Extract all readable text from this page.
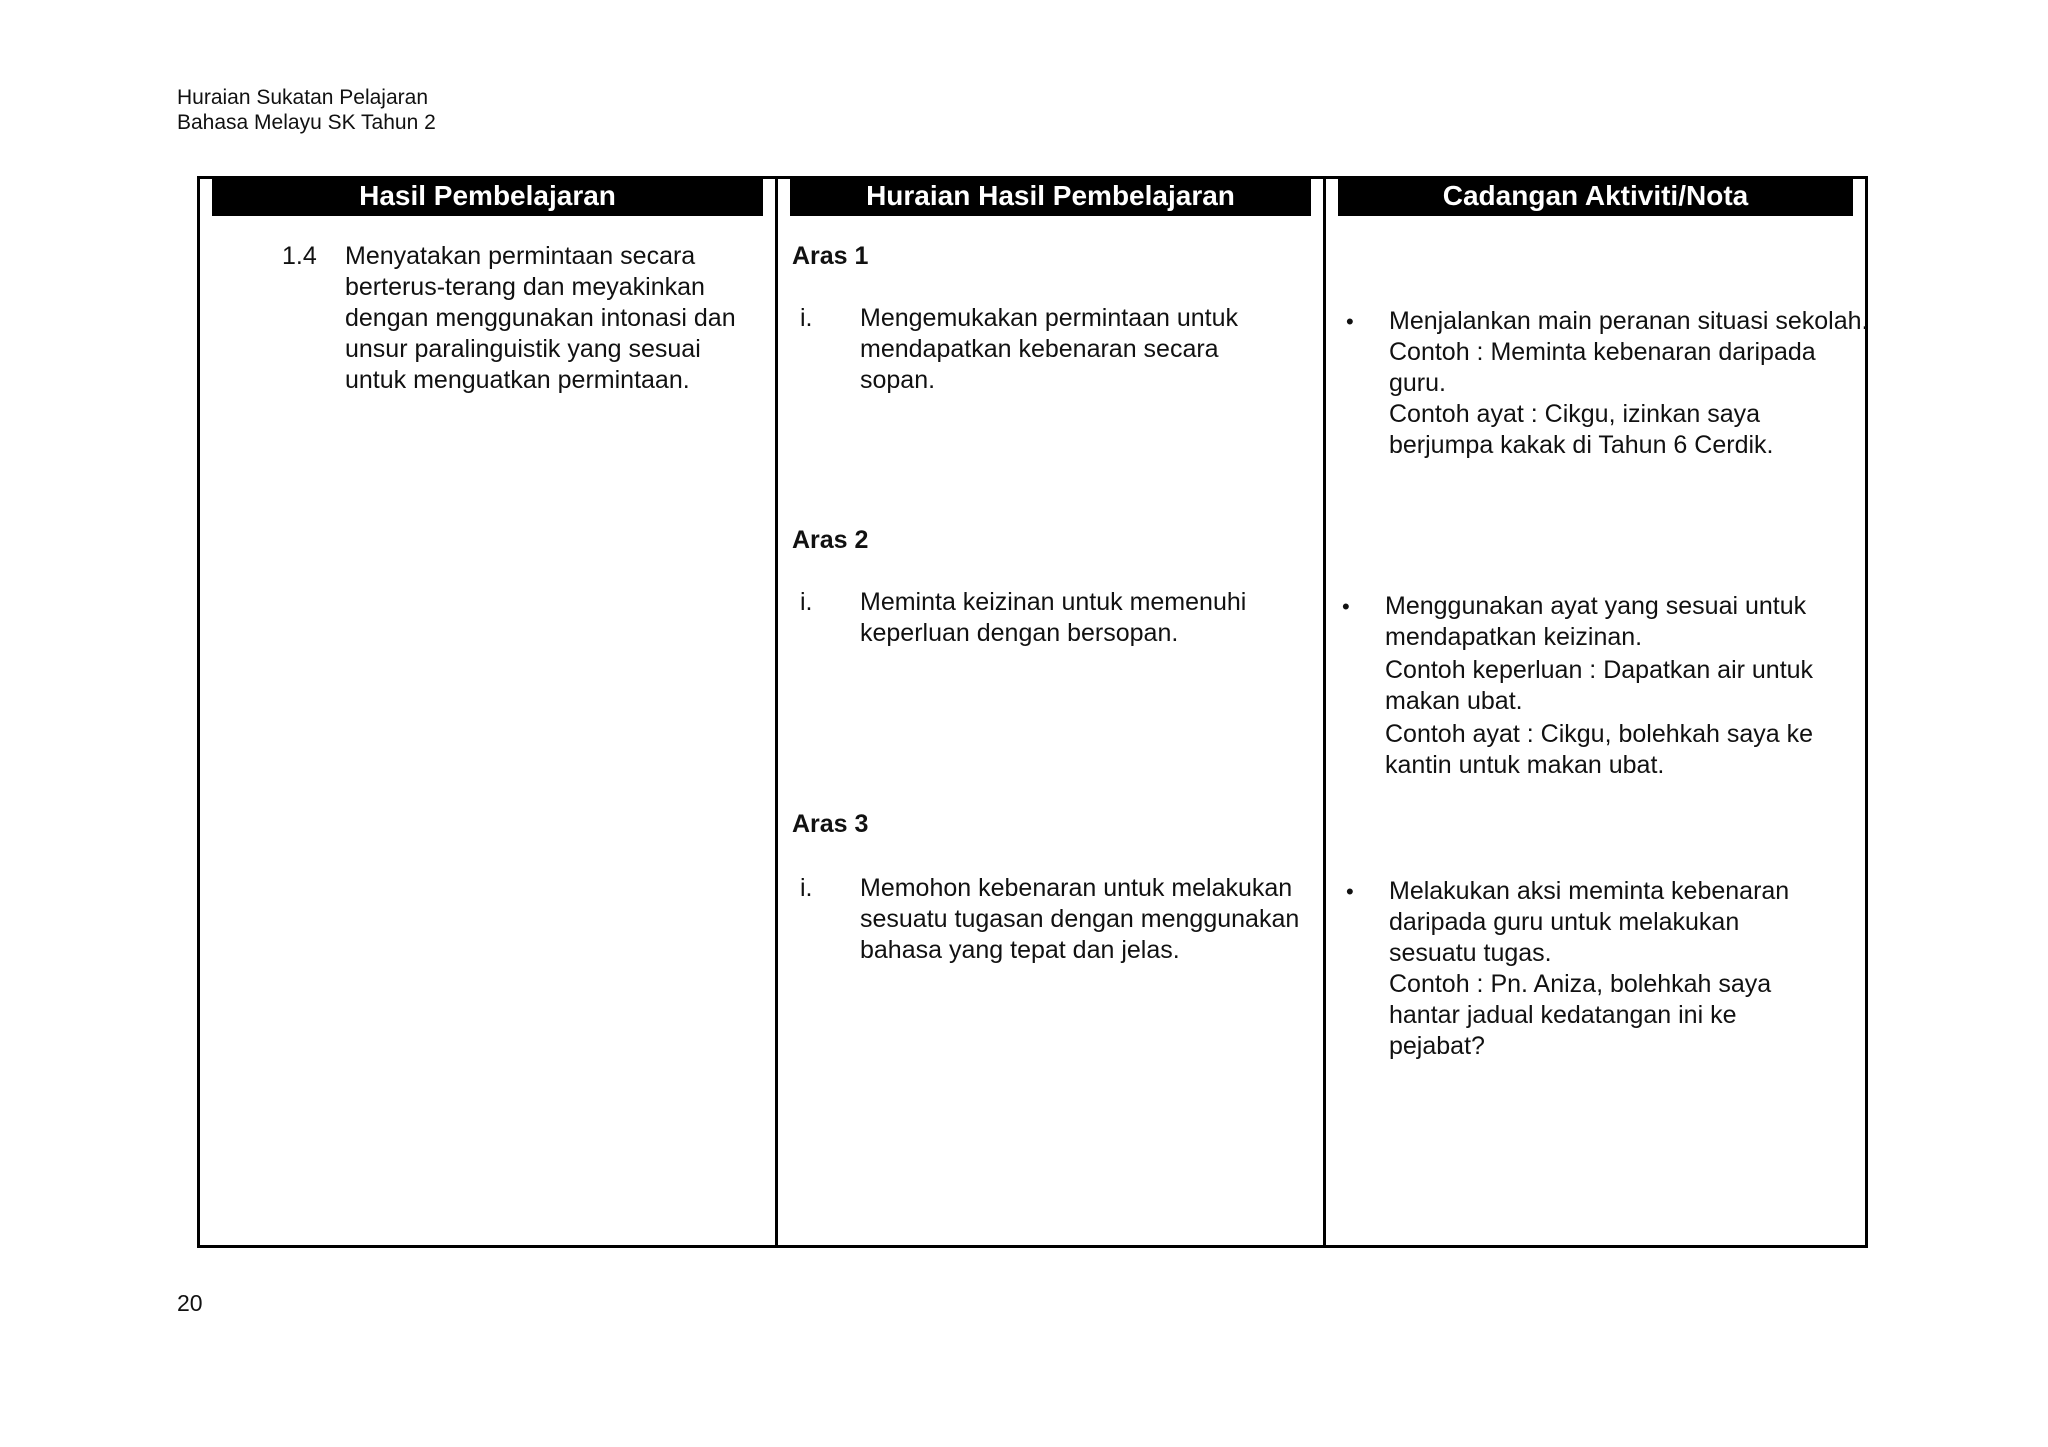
Huraian Sukatan Pelajaran
Bahasa Melayu SK Tahun 2
Hasil Pembelajaran
1.4 Menyatakan permintaan secara berterus-terang dan meyakinkan dengan menggunakan intonasi dan unsur paralinguistik yang sesuai untuk menguatkan permintaan.
Huraian Hasil Pembelajaran
Aras 1
i. Mengemukakan permintaan untuk mendapatkan kebenaran secara sopan.
Aras 2
i. Meminta keizinan untuk memenuhi keperluan dengan bersopan.
Aras 3
i. Memohon kebenaran untuk melakukan sesuatu tugasan dengan menggunakan bahasa yang tepat dan jelas.
Cadangan Aktiviti/Nota
• Menjalankan main peranan situasi sekolah.
Contoh : Meminta kebenaran daripada guru.
Contoh ayat : Cikgu, izinkan saya berjumpa kakak di Tahun 6 Cerdik.
• Menggunakan ayat yang sesuai untuk mendapatkan keizinan.
Contoh keperluan : Dapatkan air untuk makan ubat.
Contoh ayat : Cikgu, bolehkah saya ke kantin untuk makan ubat.
• Melakukan aksi meminta kebenaran daripada guru untuk melakukan sesuatu tugas.
Contoh : Pn. Aniza, bolehkah saya hantar jadual kedatangan ini ke pejabat?
20
